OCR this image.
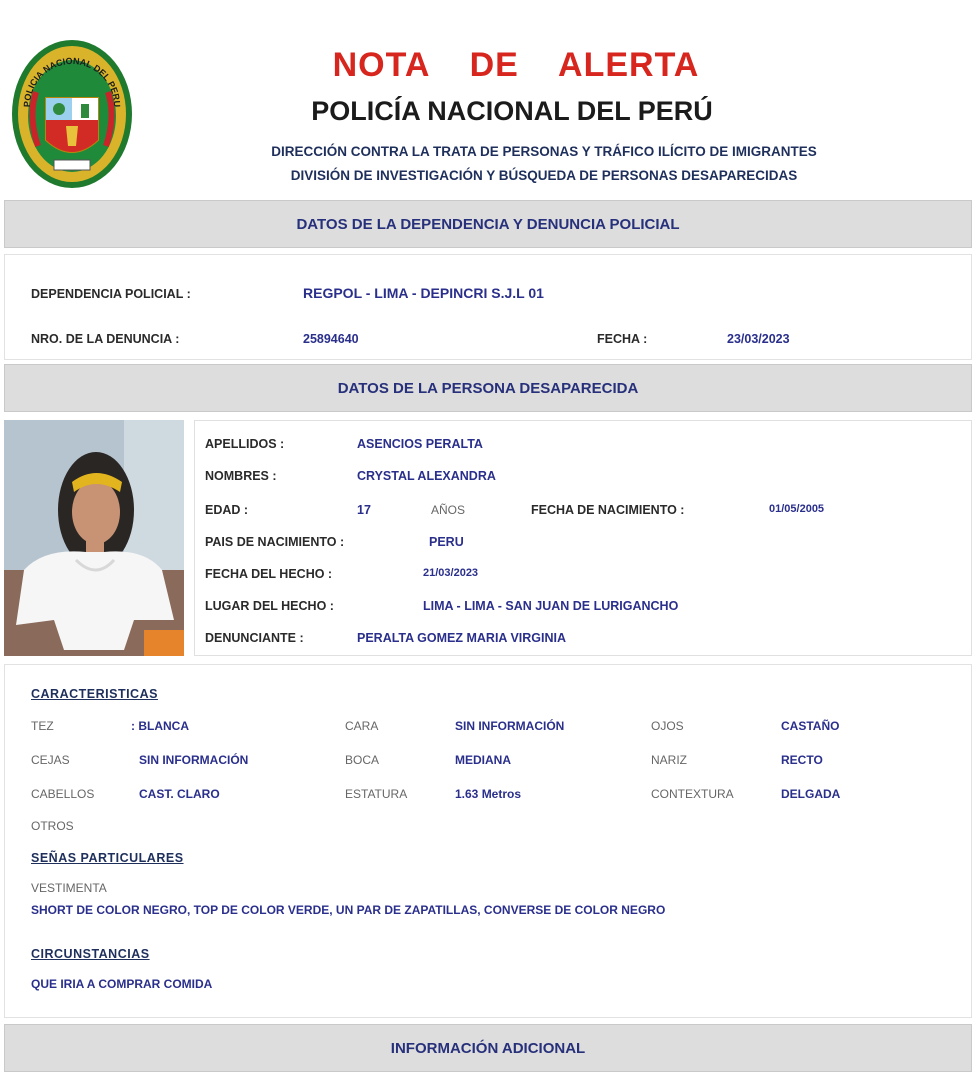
POLICIA NACIONAL DEL PERU
NOTA DE ALERTA
POLICÍA NACIONAL DEL PERÚ
DIRECCIÓN CONTRA LA TRATA DE PERSONAS Y TRÁFICO ILÍCITO DE IMIGRANTES
DIVISIÓN DE INVESTIGACIÓN Y BÚSQUEDA DE PERSONAS DESAPARECIDAS
DATOS DE LA DEPENDENCIA Y DENUNCIA POLICIAL
DEPENDENCIA POLICIAL :	REGPOL - LIMA - DEPINCRI S.J.L 01
NRO. DE LA DENUNCIA :	25894640	FECHA :	23/03/2023
DATOS DE LA PERSONA DESAPARECIDA
APELLIDOS :	ASENCIOS PERALTA
NOMBRES :	CRYSTAL ALEXANDRA
EDAD :	17	AÑOS	FECHA DE NACIMIENTO :	01/05/2005
PAIS DE NACIMIENTO :	PERU
FECHA DEL HECHO :	21/03/2023
LUGAR DEL HECHO :	LIMA - LIMA - SAN JUAN DE LURIGANCHO
DENUNCIANTE :	PERALTA GOMEZ MARIA VIRGINIA
CARACTERISTICAS
TEZ	: BLANCA	CARA	SIN INFORMACIÓN	OJOS	CASTAÑO
CEJAS	SIN INFORMACIÓN	BOCA	MEDIANA	NARIZ	RECTO
CABELLOS	CAST. CLARO	ESTATURA	1.63 Metros	CONTEXTURA	DELGADA
OTROS
SEÑAS PARTICULARES
VESTIMENTA
SHORT DE COLOR NEGRO, TOP DE COLOR VERDE, UN PAR DE ZAPATILLAS, CONVERSE DE COLOR NEGRO
CIRCUNSTANCIAS
QUE IRIA A COMPRAR COMIDA
INFORMACIÓN ADICIONAL
